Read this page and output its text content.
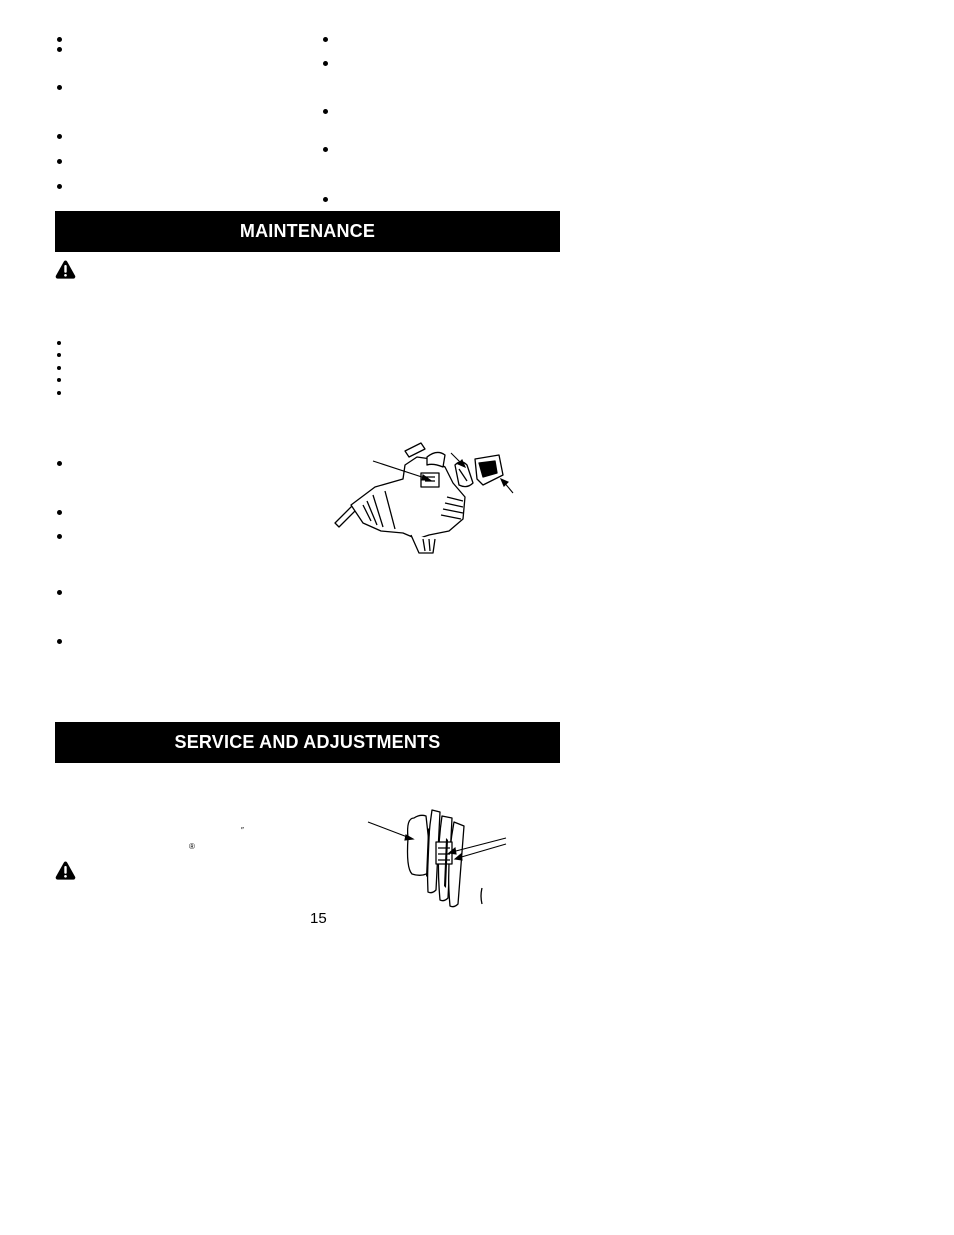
MAINTENANCE
SERVICE AND ADJUSTMENTS
″
®
15
